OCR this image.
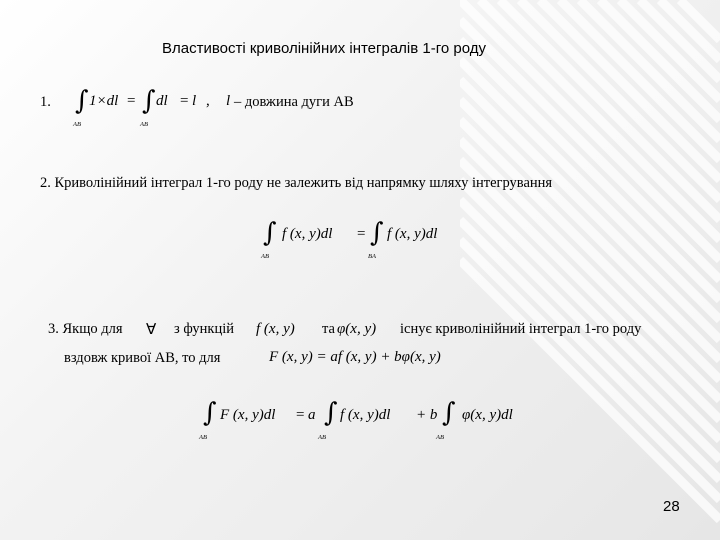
Властивості криволінійних інтегралів 1-го роду
1. ∫
AB
1×dl = ∫
AB
dl = l , l – довжина дуги АВ
2. Криволінійний інтеграл 1-го роду не залежить від напрямку шляху інтегрування
∫
AB
f (x, y)dl = ∫
BA
f (x, y)dl
3. Якщо для ∀ з функцій f (x, y) та φ(x, y) існує криволінійний інтеграл 1-го роду
вздовж кривої АВ, то для	F (x, y) = af (x, y) + bφ(x, y)
∫
AB
F (x, y)dl = a ∫
AB
f (x, y)dl + b ∫
AB
φ(x, y)dl
28
